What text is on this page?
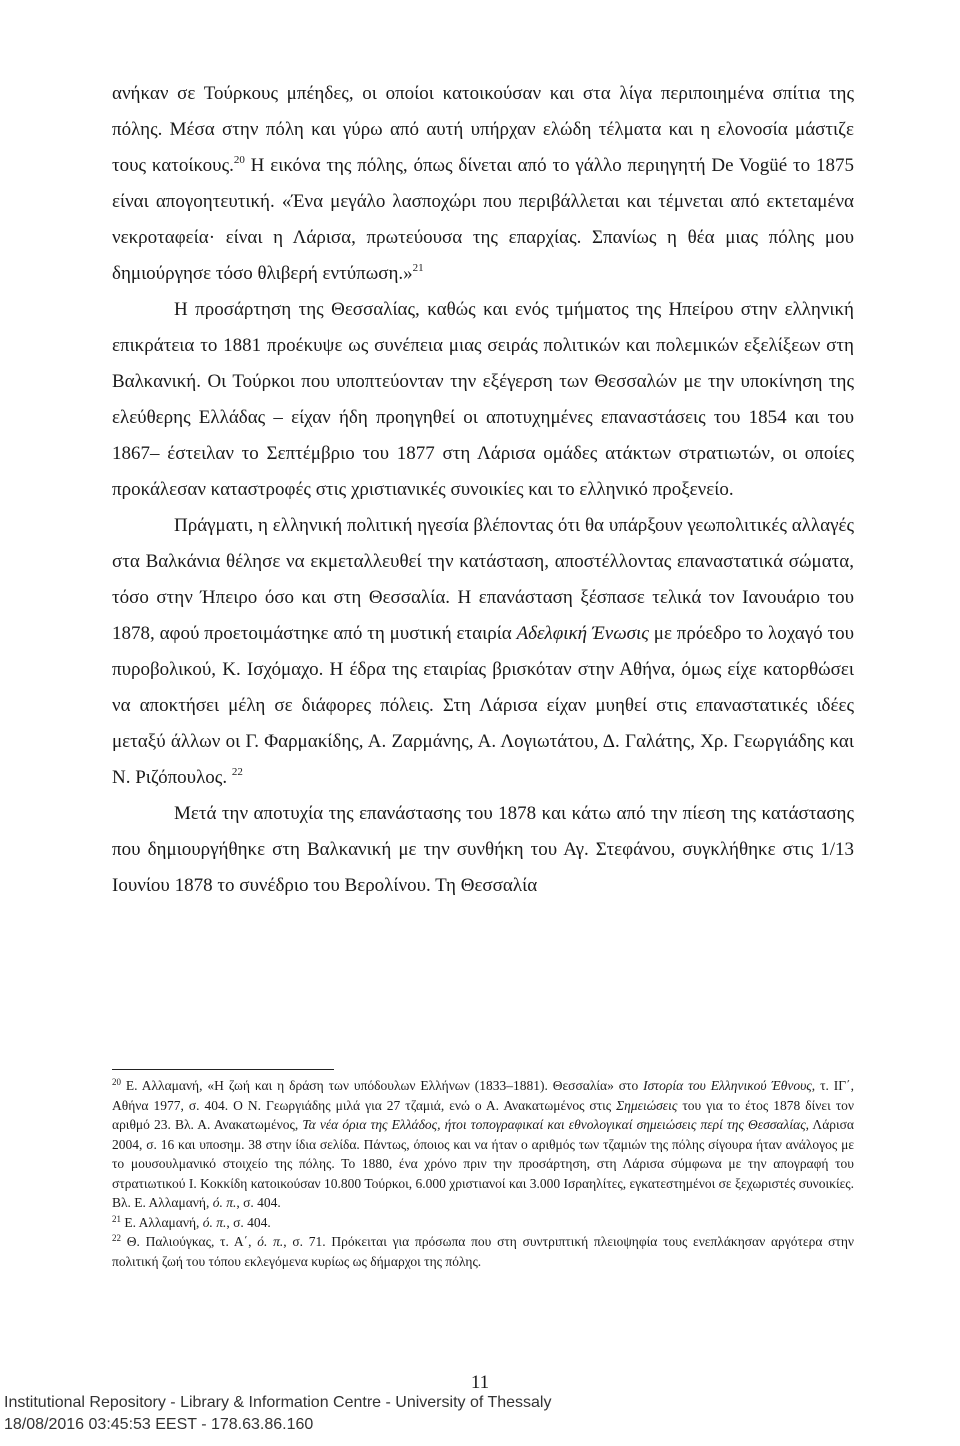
ανήκαν σε Τούρκους μπέηδες, οι οποίοι κατοικούσαν και στα λίγα περιποιημένα σπίτια της πόλης. Μέσα στην πόλη και γύρω από αυτή υπήρχαν ελώδη τέλματα και η ελονοσία μάστιζε τους κατοίκους.$^{20}$ Η εικόνα της πόλης, όπως δίνεται από το γάλλο περιηγητή De Vogüé το 1875 είναι απογοητευτική. «Ένα μεγάλο λασποχώρι που περιβάλλεται και τέμνεται από εκτεταμένα νεκροταφεία· είναι η Λάρισα, πρωτεύουσα της επαρχίας. Σπανίως η θέα μιας πόλης μου δημιούργησε τόσο θλιβερή εντύπωση.»$^{21}$

Η προσάρτηση της Θεσσαλίας, καθώς και ενός τμήματος της Ηπείρου στην ελληνική επικράτεια το 1881 προέκυψε ως συνέπεια μιας σειράς πολιτικών και πολεμικών εξελίξεων στη Βαλκανική. Οι Τούρκοι που υποπτεύονταν την εξέγερση των Θεσσαλών με την υποκίνηση της ελεύθερης Ελλάδας – είχαν ήδη προηγηθεί οι αποτυχημένες επαναστάσεις του 1854 και του 1867– έστειλαν το Σεπτέμβριο του 1877 στη Λάρισα ομάδες ατάκτων στρατιωτών, οι οποίες προκάλεσαν καταστροφές στις χριστιανικές συνοικίες και το ελληνικό προξενείο.

Πράγματι, η ελληνική πολιτική ηγεσία βλέποντας ότι θα υπάρξουν γεωπολιτικές αλλαγές στα Βαλκάνια θέλησε να εκμεταλλευθεί την κατάσταση, αποστέλλοντας επαναστατικά σώματα, τόσο στην Ήπειρο όσο και στη Θεσσαλία. Η επανάσταση ξέσπασε τελικά τον Ιανουάριο του 1878, αφού προετοιμάστηκε από τη μυστική εταιρία Αδελφική Ένωσις με πρόεδρο το λοχαγό του πυροβολικού, Κ. Ισχόμαχο. Η έδρα της εταιρίας βρισκόταν στην Αθήνα, όμως είχε κατορθώσει να αποκτήσει μέλη σε διάφορες πόλεις. Στη Λάρισα είχαν μυηθεί στις επαναστατικές ιδέες μεταξύ άλλων οι Γ. Φαρμακίδης, Α. Ζαρμάνης, Α. Λογιωτάτου, Δ. Γαλάτης, Χρ. Γεωργιάδης και Ν. Ριζόπουλος. $^{22}$

Μετά την αποτυχία της επανάστασης του 1878 και κάτω από την πίεση της κατάστασης που δημιουργήθηκε στη Βαλκανική με την συνθήκη του Αγ. Στεφάνου, συγκλήθηκε στις 1/13 Ιουνίου 1878 το συνέδριο του Βερολίνου. Τη Θεσσαλία

$^{20}$ Ε. Αλλαμανή, «Η ζωή και η δράση των υπόδουλων Ελλήνων (1833–1881). Θεσσαλία» στο Ιστορία του Ελληνικού Έθνους, τ. ΙΓ΄, Αθήνα 1977, σ. 404. Ο Ν. Γεωργιάδης μιλά για 27 τζαμιά, ενώ ο Α. Ανακατωμένος στις Σημειώσεις του για το έτος 1878 δίνει τον αριθμό 23. Βλ. Α. Ανακατωμένος, Τα νέα όρια της Ελλάδος, ήτοι τοπογραφικαί και εθνολογικαί σημειώσεις περί της Θεσσαλίας, Λάρισα 2004, σ. 16 και υποσημ. 38 στην ίδια σελίδα. Πάντως, όποιος και να ήταν ο αριθμός των τζαμιών της πόλης σίγουρα ήταν ανάλογος με το μουσουλμανικό στοιχείο της πόλης. Το 1880, ένα χρόνο πριν την προσάρτηση, στη Λάρισα σύμφωνα με την απογραφή του στρατιωτικού Ι. Κοκκίδη κατοικούσαν 10.800 Τούρκοι, 6.000 χριστιανοί και 3.000 Ισραηλίτες, εγκατεστημένοι σε ξεχωριστές συνοικίες. Βλ. Ε. Αλλαμανή, ό. π., σ. 404.

$^{21}$ Ε. Αλλαμανή, ό. π., σ. 404.

$^{22}$ Θ. Παλιούγκας, τ. Α΄, ό. π., σ. 71. Πρόκειται για πρόσωπα που στη συντριπτική πλειοψηφία τους ενεπλάκησαν αργότερα στην πολιτική ζωή του τόπου εκλεγόμενα κυρίως ως δήμαρχοι της πόλης.

11
Institutional Repository - Library & Information Centre - University of Thessaly
18/08/2016 03:45:53 EEST - 178.63.86.160
